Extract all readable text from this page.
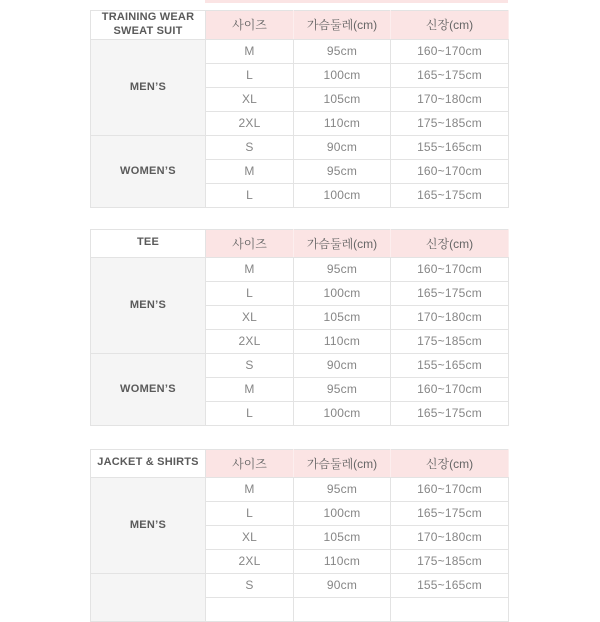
TRAINING WEAR SWEAT SUIT	사이즈	가슴둘레(cm)	신장(cm)
MEN’S	M	95cm	160~170cm
	L	100cm	165~175cm
	XL	105cm	170~180cm
	2XL	110cm	175~185cm
WOMEN’S	S	90cm	155~165cm
	M	95cm	160~170cm
	L	100cm	165~175cm
TEE	사이즈	가슴둘레(cm)	신장(cm)
MEN’S	M	95cm	160~170cm
	L	100cm	165~175cm
	XL	105cm	170~180cm
	2XL	110cm	175~185cm
WOMEN’S	S	90cm	155~165cm
	M	95cm	160~170cm
	L	100cm	165~175cm
JACKET & SHIRTS	사이즈	가슴둘레(cm)	신장(cm)
MEN’S	M	95cm	160~170cm
	L	100cm	165~175cm
	XL	105cm	170~180cm
	2XL	110cm	175~185cm
	S	90cm	155~165cm
